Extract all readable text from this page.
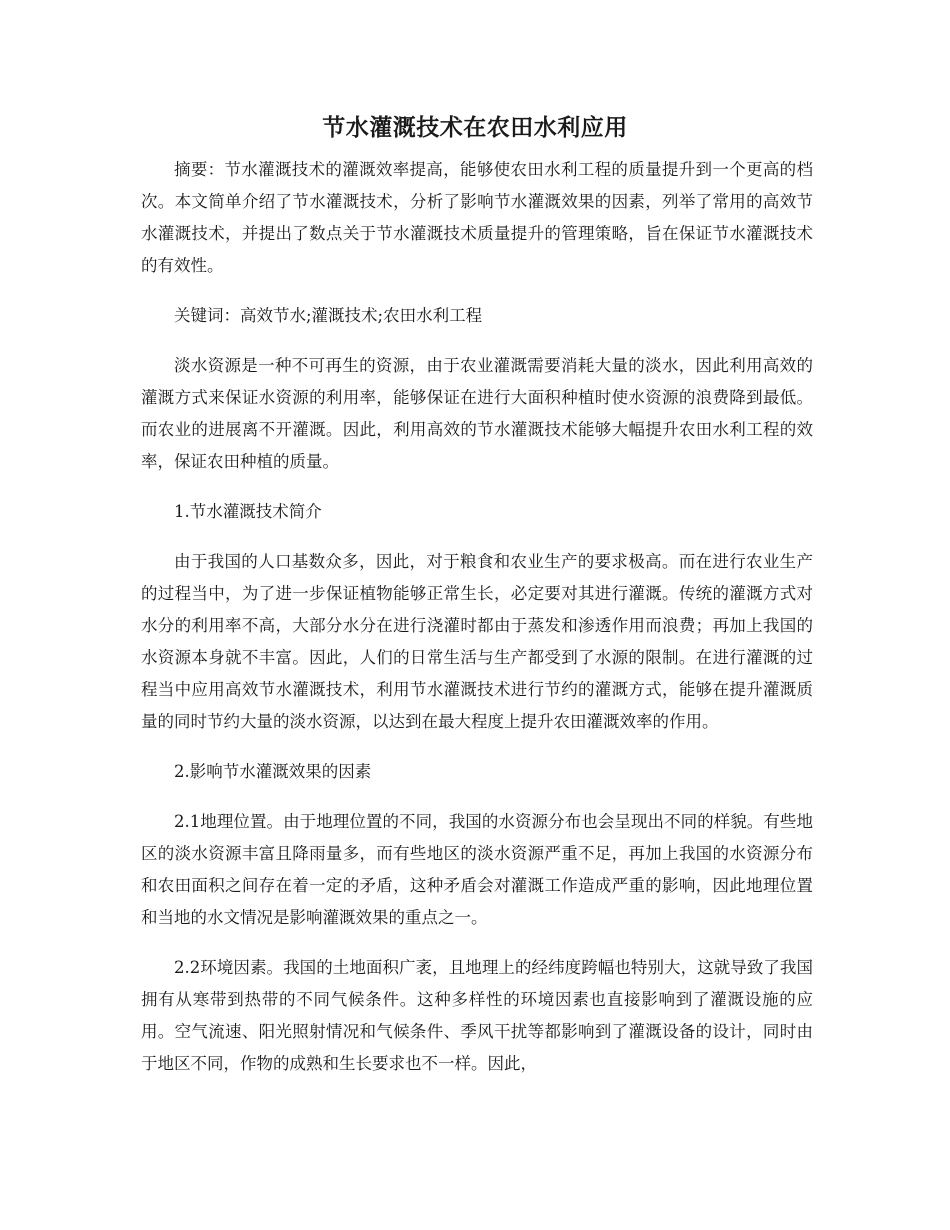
节水灌溉技术在农田水利应用

摘要：节水灌溉技术的灌溉效率提高，能够使农田水利工程的质量提升到一个更高的档次。本文简单介绍了节水灌溉技术，分析了影响节水灌溉效果的因素，列举了常用的高效节水灌溉技术，并提出了数点关于节水灌溉技术质量提升的管理策略，旨在保证节水灌溉技术的有效性。

关键词：高效节水;灌溉技术;农田水利工程

淡水资源是一种不可再生的资源，由于农业灌溉需要消耗大量的淡水，因此利用高效的灌溉方式来保证水资源的利用率，能够保证在进行大面积种植时使水资源的浪费降到最低。而农业的进展离不开灌溉。因此，利用高效的节水灌溉技术能够大幅提升农田水利工程的效率，保证农田种植的质量。

1.节水灌溉技术简介

由于我国的人口基数众多，因此，对于粮食和农业生产的要求极高。而在进行农业生产的过程当中，为了进一步保证植物能够正常生长，必定要对其进行灌溉。传统的灌溉方式对水分的利用率不高，大部分水分在进行浇灌时都由于蒸发和渗透作用而浪费；再加上我国的水资源本身就不丰富。因此，人们的日常生活与生产都受到了水源的限制。在进行灌溉的过程当中应用高效节水灌溉技术，利用节水灌溉技术进行节约的灌溉方式，能够在提升灌溉质量的同时节约大量的淡水资源，以达到在最大程度上提升农田灌溉效率的作用。

2.影响节水灌溉效果的因素

2.1地理位置。由于地理位置的不同，我国的水资源分布也会呈现出不同的样貌。有些地区的淡水资源丰富且降雨量多，而有些地区的淡水资源严重不足，再加上我国的水资源分布和农田面积之间存在着一定的矛盾，这种矛盾会对灌溉工作造成严重的影响，因此地理位置和当地的水文情况是影响灌溉效果的重点之一。

2.2环境因素。我国的土地面积广袤，且地理上的经纬度跨幅也特别大，这就导致了我国拥有从寒带到热带的不同气候条件。这种多样性的环境因素也直接影响到了灌溉设施的应用。空气流速、阳光照射情况和气候条件、季风干扰等都影响到了灌溉设备的设计，同时由于地区不同，作物的成熟和生长要求也不一样。因此，
